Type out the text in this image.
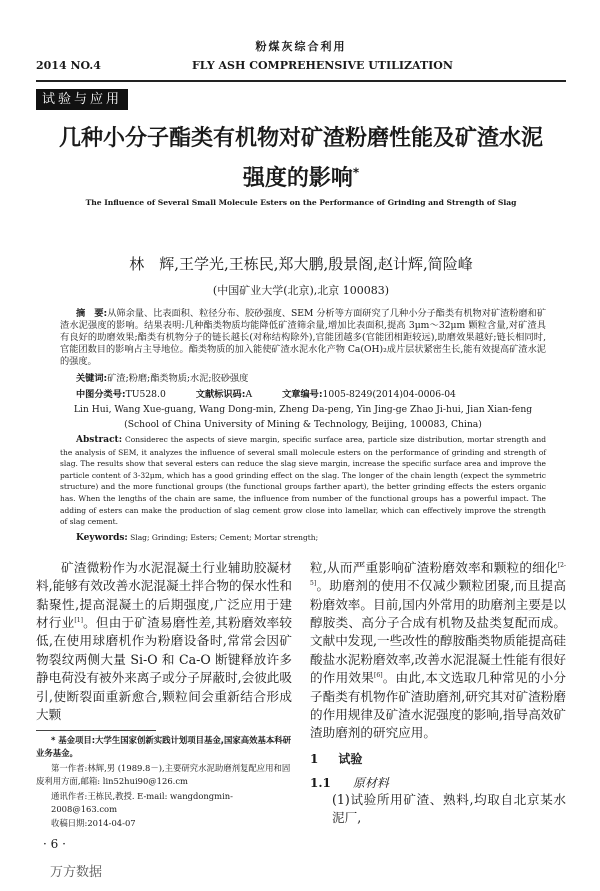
粉煤灰综合利用
2014 NO.4	FLY ASH COMPREHENSIVE UTILIZATION
试验与应用
几种小分子酯类有机物对矿渣粉磨性能及矿渣水泥
强度的影响*
The Influence of Several Small Molecule Esters on the Performance of Grinding and Strength of Slag
林　辉,王学光,王栋民,郑大鹏,殷景阁,赵计辉,简险峰
(中国矿业大学(北京),北京 100083)
摘　要:从筛余量、比表面积、粒径分布、胶砂强度、SEM 分析等方面研究了几种小分子酯类有机物对矿渣粉磨和矿渣水泥强度的影响。结果表明:几种酯类物质均能降低矿渣筛余量,增加比表面积,提高 3μm～32μm 颗粒含量,对矿渣具有良好的助磨效果;酯类有机物分子的链长越长(对称结构除外),官能团越多(官能团相距较远),助磨效果越好;链长相同时,官能团数目的影响占主导地位。酯类物质的加入能使矿渣水泥水化产物 Ca(OH)₂成片层状紧密生长,能有效提高矿渣水泥的强度。
关键词:矿渣;粉磨;酯类物质;水泥;胶砂强度
中图分类号:TU528.0	文献标识码:A	文章编号:1005-8249(2014)04-0006-04
Lin Hui, Wang Xue-guang, Wang Dong-min, Zheng Da-peng, Yin Jing-ge Zhao Ji-hui, Jian Xian-feng
(School of China University of Mining & Technology, Beijing, 100083, China)
Abstract: Considerec the aspects of sieve margin, specific surface area, particle size distribution, mortar strength and the analysis of SEM, it analyzes the influence of several small molecule esters on the performance of grinding and strength of slag. The results show that several esters can reduce the slag sieve margin, increase the specific surface area and improve the particle content of 3-32μm, which has a good grinding effect on the slag. The longer of the chain length (expect the symmetric structure) and the more functional groups (the functional groups farther apart), the better grinding effects the esters organic has. When the lengths of the chain are same, the influence from number of the functional groups has a powerful impact. The adding of esters can make the production of slag cement grow close into lamellar, which can effectively improve the strength of slag cement.
Keywords: Slag; Grinding; Esters; Cement; Mortar strength;
矿渣微粉作为水泥混凝土行业辅助胶凝材料,能够有效改善水泥混凝土拌合物的保水性和黏聚性,提高混凝土的后期强度,广泛应用于建材行业[1]。但由于矿渣易磨性差,其粉磨效率较低,在使用球磨机作为粉磨设备时,常常会因矿物裂纹两侧大量 Si-O 和 Ca-O 断键释放许多静电荷没有被外来离子或分子屏蔽时,会彼此吸引,使断裂面重新愈合,颗粒间会重新结合形成大颗
* 基金项目:大学生国家创新实践计划项目基金,国家高效基本科研业务基金。
第一作者:林辉,男 (1989.8－),主要研究水泥助磨剂复配应用和固废利用方面,邮箱: lin52hui90@126.cm
通讯作者:王栋民,教授. E-mail: wangdongmin-2008@163.com
收稿日期:2014-04-07
· 6 ·
万方数据
粒,从而严重影响矿渣粉磨效率和颗粒的细化[2-5]。助磨剂的使用不仅减少颗粒团聚,而且提高粉磨效率。目前,国内外常用的助磨剂主要是以醇胺类、高分子合成有机物及盐类复配而成。文献中发现,一些改性的醇胺酯类物质能提高硅酸盐水泥粉磨效率,改善水泥混凝土性能有很好的作用效果[6]。由此,本文选取几种常见的小分子酯类有机物作矿渣助磨剂,研究其对矿渣粉磨的作用规律及矿渣水泥强度的影响,指导高效矿渣助磨剂的研究应用。
1 试验
1.1 原材料
(1)试验所用矿渣、熟料,均取自北京某水泥厂,
